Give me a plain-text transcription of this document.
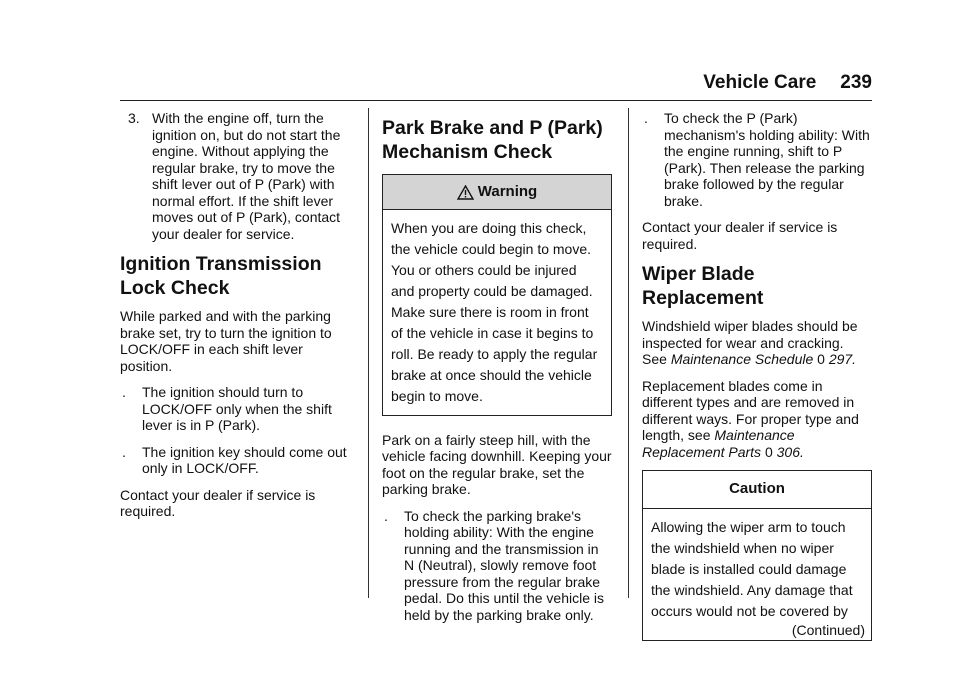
Vehicle Care 239
3. With the engine off, turn the ignition on, but do not start the engine. Without applying the regular brake, try to move the shift lever out of P (Park) with normal effort. If the shift lever moves out of P (Park), contact your dealer for service.
Ignition Transmission
Lock Check

While parked and with the parking brake set, try to turn the ignition to LOCK/OFF in each shift lever position.

.	The ignition should turn to LOCK/OFF only when the shift lever is in P (Park).
.	The ignition key should come out only in LOCK/OFF.

Contact your dealer if service is required.

Park Brake and P (Park)
Mechanism Check
Warning
When you are doing this check, the vehicle could begin to move. You or others could be injured and property could be damaged. Make sure there is room in front of the vehicle in case it begins to roll. Be ready to apply the regular brake at once should the vehicle begin to move.

Park on a fairly steep hill, with the vehicle facing downhill. Keeping your foot on the regular brake, set the parking brake.

.	To check the parking brake's holding ability: With the engine running and the transmission in N (Neutral), slowly remove foot pressure from the regular brake pedal. Do this until the vehicle is held by the parking brake only.
.	To check the P (Park) mechanism's holding ability: With the engine running, shift to P (Park). Then release the parking brake followed by the regular brake.

Contact your dealer if service is required.

Wiper Blade Replacement

Windshield wiper blades should be inspected for wear and cracking. See Maintenance Schedule 0 297.

Replacement blades come in different types and are removed in different ways. For proper type and length, see Maintenance Replacement Parts 0 306.

Caution
Allowing the wiper arm to touch the windshield when no wiper blade is installed could damage the windshield. Any damage that occurs would not be covered by
(Continued)
